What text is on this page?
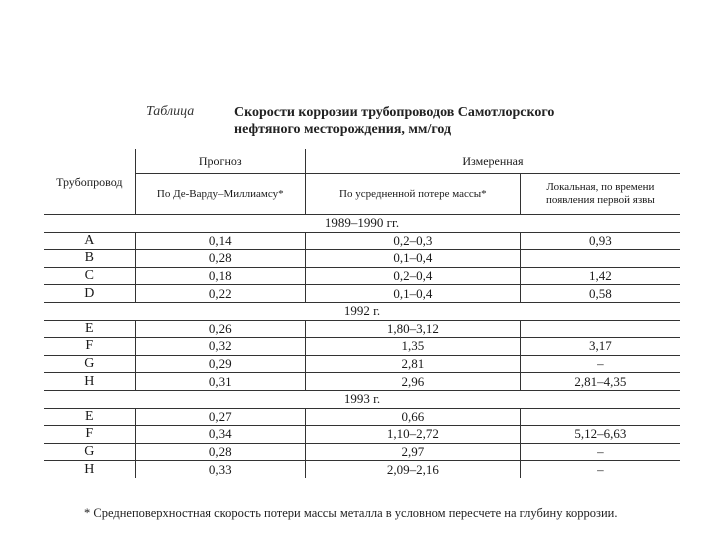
Таблица	Скорости коррозии трубопроводов Самотлорского
нефтяного месторождения, мм/год
Трубопровод	Прогноз	Измеренная	
	По Де-Варду–Миллиамсу*	По усредненной потере массы*	Локальная, по времени
появления первой язвы

1989–1990 гг.			
A	0,14	0,2–0,3	0,93
B	0,28	0,1–0,4	
C	0,18	0,2–0,4	1,42
D	0,22	0,1–0,4	0,58
1992 г.			
E	0,26	1,80–3,12	
F	0,32	1,35	3,17
G	0,29	2,81	–
H	0,31	2,96	2,81–4,35
1993 г.			
E	0,27	0,66	
F	0,34	1,10–2,72	5,12–6,63
G	0,28	2,97	–
H	0,33	2,09–2,16	–
* Среднеповерхностная скорость потери массы металла в условном пересчете на глубину коррозии.
